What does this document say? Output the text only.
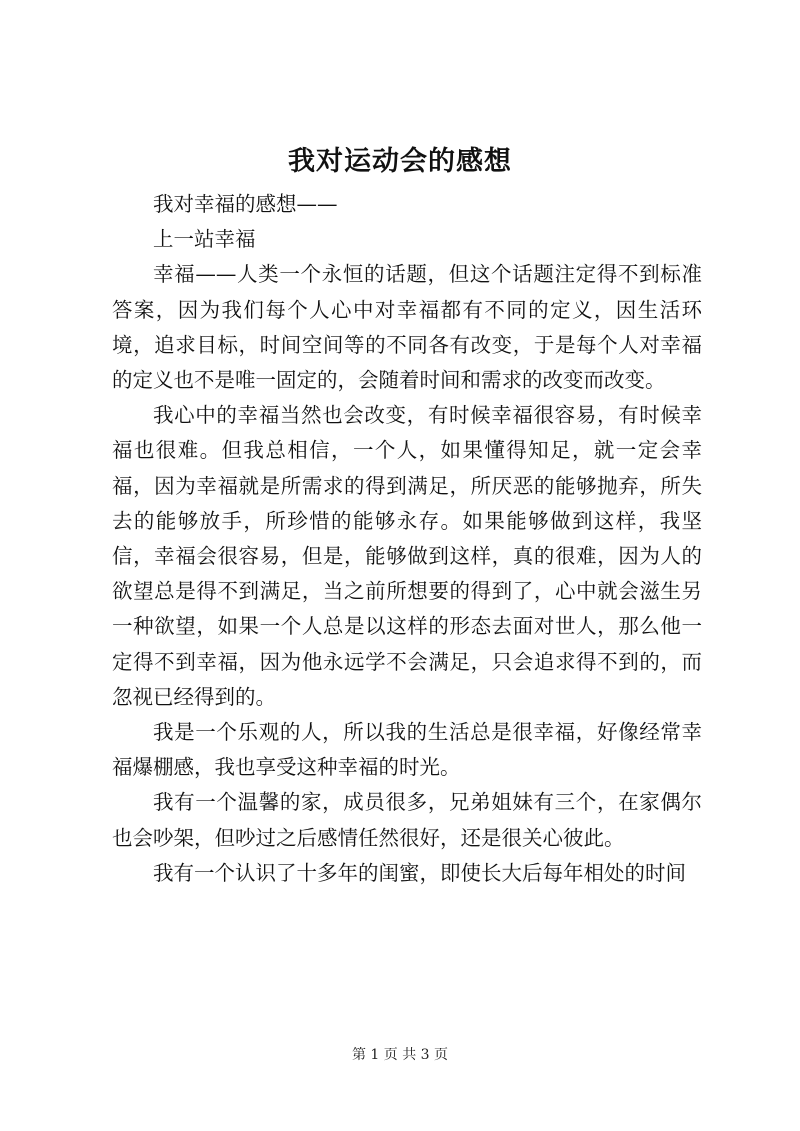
我对运动会的感想

我对幸福的感想——

上一站幸福

幸福——人类一个永恒的话题，但这个话题注定得不到标准答案，因为我们每个人心中对幸福都有不同的定义，因生活环境，追求目标，时间空间等的不同各有改变，于是每个人对幸福的定义也不是唯一固定的，会随着时间和需求的改变而改变。

我心中的幸福当然也会改变，有时候幸福很容易，有时候幸福也很难。但我总相信，一个人，如果懂得知足，就一定会幸福，因为幸福就是所需求的得到满足，所厌恶的能够抛弃，所失去的能够放手，所珍惜的能够永存。如果能够做到这样，我坚信，幸福会很容易，但是，能够做到这样，真的很难，因为人的欲望总是得不到满足，当之前所想要的得到了，心中就会滋生另一种欲望，如果一个人总是以这样的形态去面对世人，那么他一定得不到幸福，因为他永远学不会满足，只会追求得不到的，而忽视已经得到的。

我是一个乐观的人，所以我的生活总是很幸福，好像经常幸福爆棚感，我也享受这种幸福的时光。

我有一个温馨的家，成员很多，兄弟姐妹有三个，在家偶尔也会吵架，但吵过之后感情任然很好，还是很关心彼此。

我有一个认识了十多年的闺蜜，即使长大后每年相处的时间

第 1 页 共 3 页
